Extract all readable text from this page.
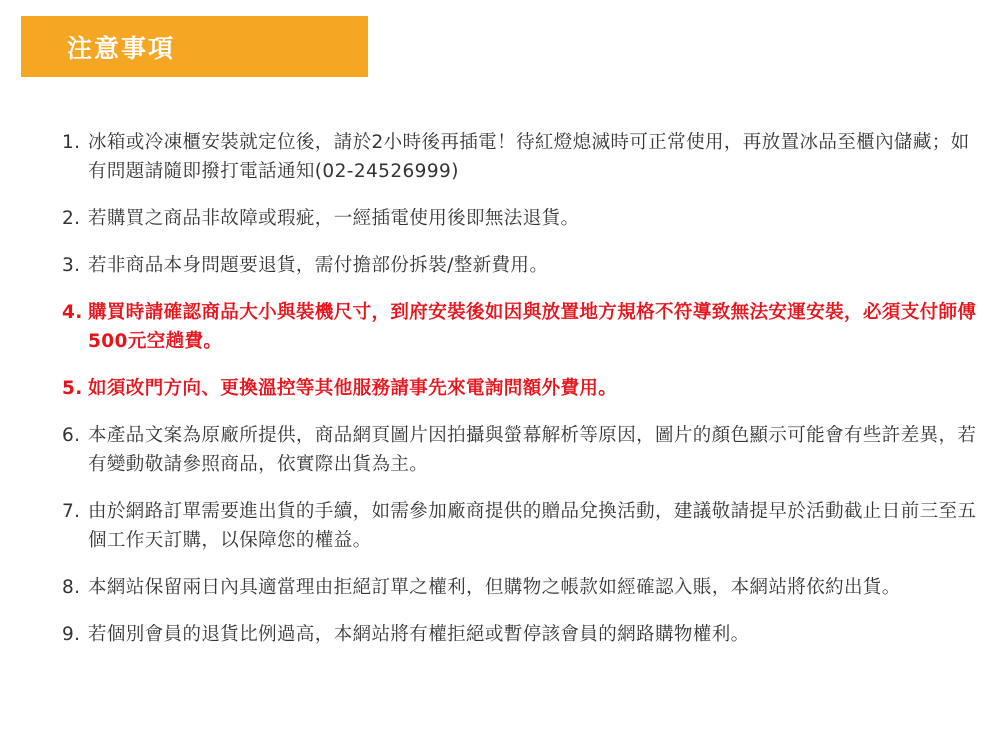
注意事項
1. 冰箱或冷凍櫃安裝就定位後，請於2小時後再插電！待紅燈熄滅時可正常使用，再放置冰品至櫃內儲藏；如有問題請隨即撥打電話通知(02-24526999)

2. 若購買之商品非故障或瑕疵，一經插電使用後即無法退貨。

3. 若非商品本身問題要退貨，需付擔部份拆裝/整新費用。

4. 購買時請確認商品大小與裝機尺寸，到府安裝後如因與放置地方規格不符導致無法安運安裝，必須支付師傅500元空趟費。

5. 如須改門方向、更換溫控等其他服務請事先來電詢問額外費用。

6. 本產品文案為原廠所提供，商品網頁圖片因拍攝與螢幕解析等原因，圖片的顏色顯示可能會有些許差異，若有變動敬請參照商品，依實際出貨為主。

7. 由於網路訂單需要進出貨的手續，如需參加廠商提供的贈品兌換活動，建議敬請提早於活動截止日前三至五個工作天訂購，以保障您的權益。

8. 本網站保留兩日內具適當理由拒絕訂單之權利，但購物之帳款如經確認入賬，本網站將依約出貨。

9. 若個別會員的退貨比例過高，本網站將有權拒絕或暫停該會員的網路購物權利。
